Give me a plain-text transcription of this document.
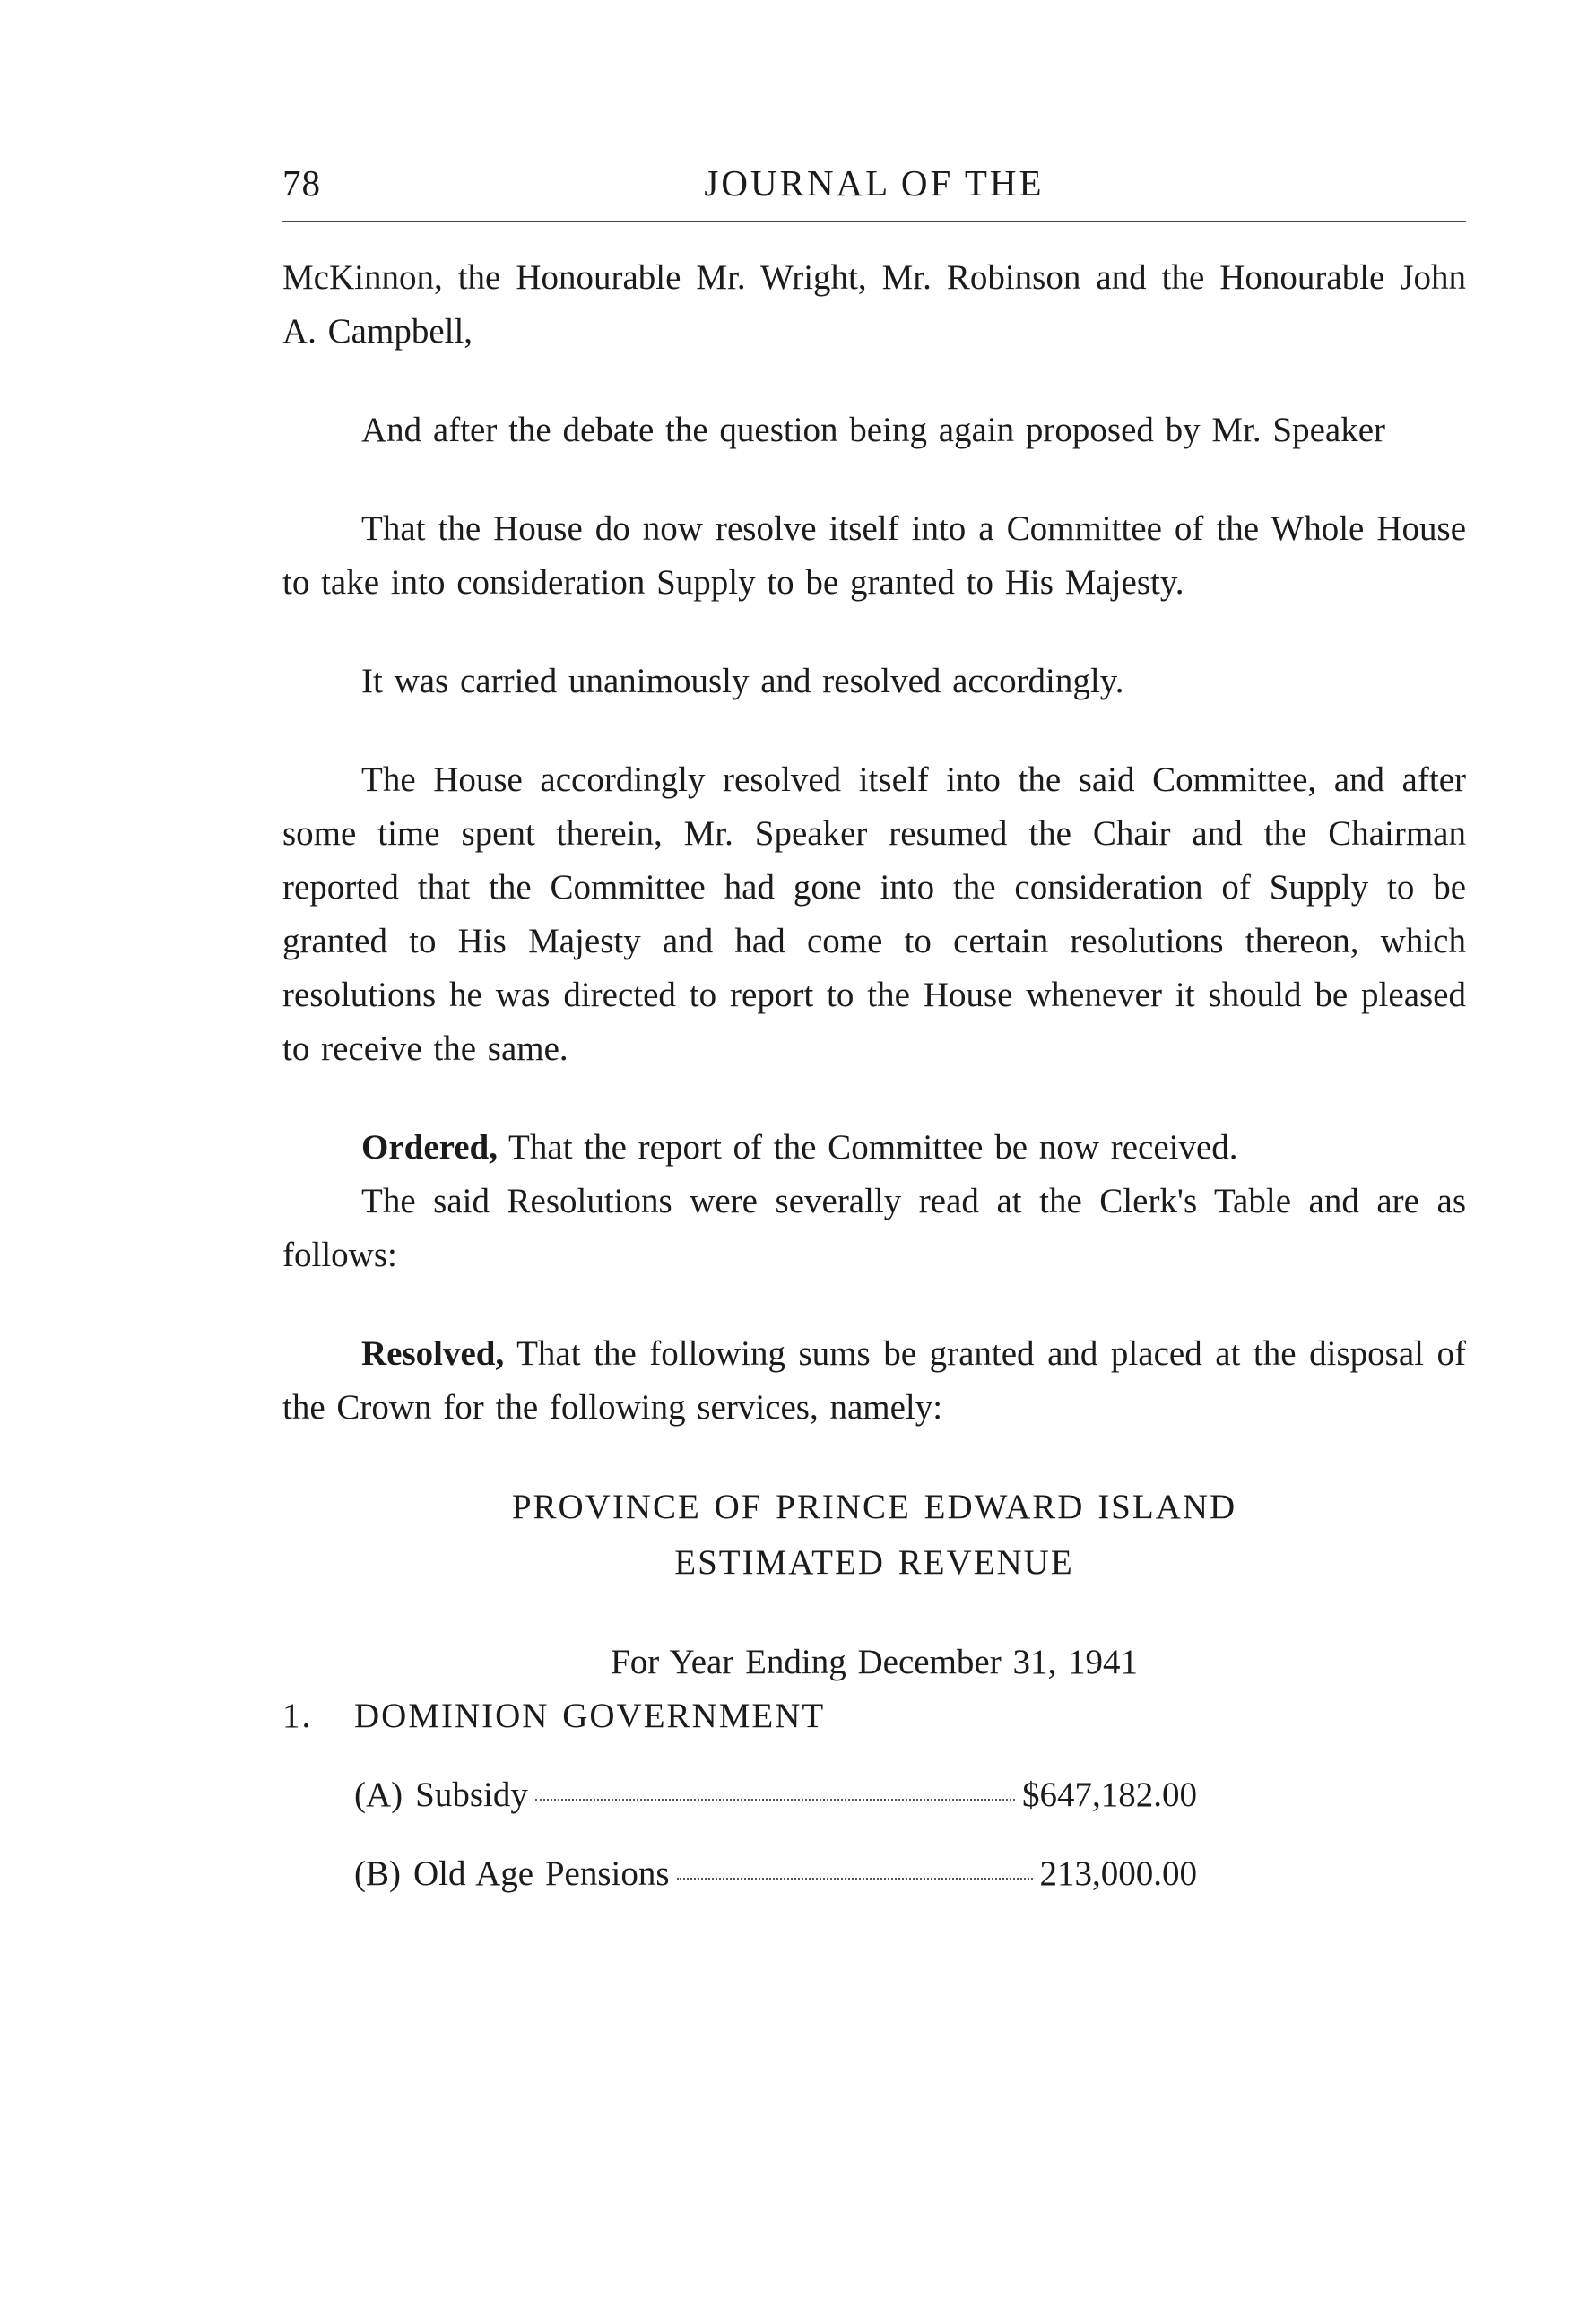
78	JOURNAL OF THE

McKinnon, the Honourable Mr. Wright, Mr. Robinson and the Honourable John A. Campbell,

And after the debate the question being again proposed by Mr. Speaker

That the House do now resolve itself into a Committee of the Whole House to take into consideration Supply to be granted to His Majesty.

It was carried unanimously and resolved accordingly.

The House accordingly resolved itself into the said Committee, and after some time spent therein, Mr. Speaker resumed the Chair and the Chairman reported that the Committee had gone into the consideration of Supply to be granted to His Majesty and had come to certain resolutions thereon, which resolutions he was directed to report to the House whenever it should be pleased to receive the same.

Ordered, That the report of the Committee be now received.

The said Resolutions were severally read at the Clerk's Table and are as follows:

Resolved, That the following sums be granted and placed at the disposal of the Crown for the following services, namely:

PROVINCE OF PRINCE EDWARD ISLAND
ESTIMATED REVENUE
For Year Ending December 31, 1941
1.	DOMINION GOVERNMENT
(A) Subsidy	$647,182.00
(B) Old Age Pensions	213,000.00
